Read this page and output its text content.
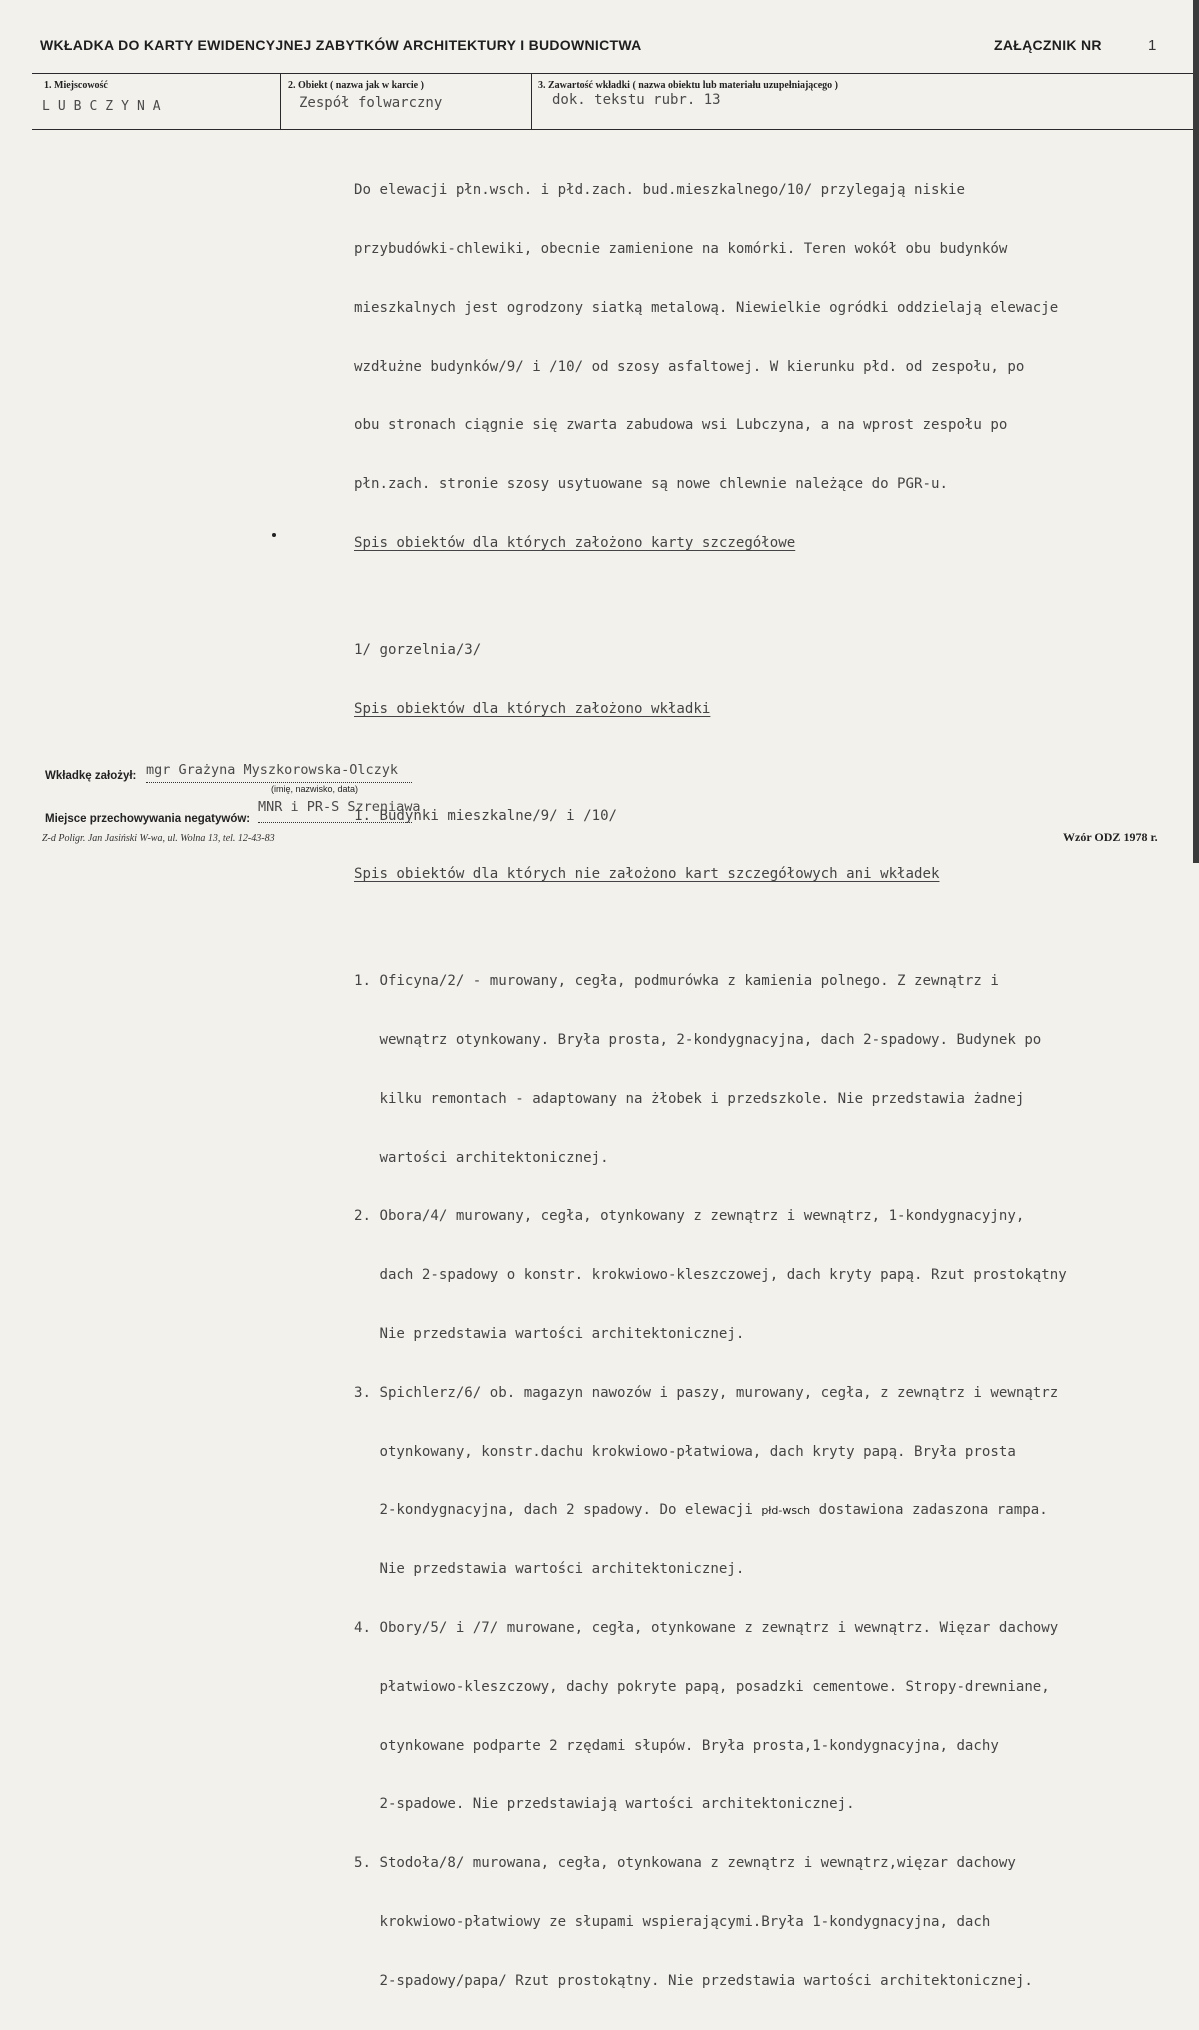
WKŁADKA DO KARTY EWIDENCYJNEJ ZABYTKÓW ARCHITEKTURY I BUDOWNICTWA	ZAŁĄCZNIK NR	1
1. Miejscowość
LUBCZYNA
2. Obiekt ( nazwa jak w karcie )
Zespół folwarczny
3. Zawartość wkładki ( nazwa obiektu lub materiału uzupełniającego )
dok. tekstu rubr. 13

Do elewacji płn.wsch. i płd.zach. bud.mieszkalnego/10/ przylegają niskie

przybudówki-chlewiki, obecnie zamienione na komórki. Teren wokół obu budynków

mieszkalnych jest ogrodzony siatką metalową. Niewielkie ogródki oddzielają elewacje

wzdłużne budynków/9/ i /10/ od szosy asfaltowej. W kierunku płd. od zespołu, po

obu stronach ciągnie się zwarta zabudowa wsi Lubczyna, a na wprost zespołu po

płn.zach. stronie szosy usytuowane są nowe chlewnie należące do PGR-u.

Spis obiektów dla których założono karty szczegółowe

1/ gorzelnia/3/

Spis obiektów dla których założono wkładki

1. Budynki mieszkalne/9/ i /10/

Spis obiektów dla których nie założono kart szczegółowych ani wkładek

1. Oficyna/2/ - murowany, cegła, podmurówka z kamienia polnego. Z zewnątrz i

wewnątrz otynkowany. Bryła prosta, 2-kondygnacyjna, dach 2-spadowy. Budynek po

kilku remontach - adaptowany na żłobek i przedszkole. Nie przedstawia żadnej

wartości architektonicznej.

2. Obora/4/ murowany, cegła, otynkowany z zewnątrz i wewnątrz, 1-kondygnacyjny,

dach 2-spadowy o konstr. krokwiowo-kleszczowej, dach kryty papą. Rzut prostokątny

Nie przedstawia wartości architektonicznej.

3. Spichlerz/6/ ob. magazyn nawozów i paszy, murowany, cegła, z zewnątrz i wewnątrz

otynkowany, konstr.dachu krokwiowo-płatwiowa, dach kryty papą. Bryła prosta

2-kondygnacyjna, dach 2 spadowy. Do elewacji płd-wsch dostawiona zadaszona rampa.

Nie przedstawia wartości architektonicznej.

4. Obory/5/ i /7/ murowane, cegła, otynkowane z zewnątrz i wewnątrz. Więzar dachowy

płatwiowo-kleszczowy, dachy pokryte papą, posadzki cementowe. Stropy-drewniane,

otynkowane podparte 2 rzędami słupów. Bryła prosta,1-kondygnacyjna, dachy

2-spadowe. Nie przedstawiają wartości architektonicznej.

5. Stodoła/8/ murowana, cegła, otynkowana z zewnątrz i wewnątrz,więzar dachowy

krokwiowo-płatwiowy ze słupami wspierającymi.Bryła 1-kondygnacyjna, dach

2-spadowy/papa/ Rzut prostokątny. Nie przedstawia wartości architektonicznej.

Wkładkę założył: mgr Grażyna Myszkorowska-Olczyk
(imię, nazwisko, data)
Miejsce przechowywania negatywów:
MNR i PR-S Szreniawa
Z-d Poligr. Jan Jasiński W-wa, ul. Wolna 13, tel. 12-43-83	Wzór ODZ 1978 r.
